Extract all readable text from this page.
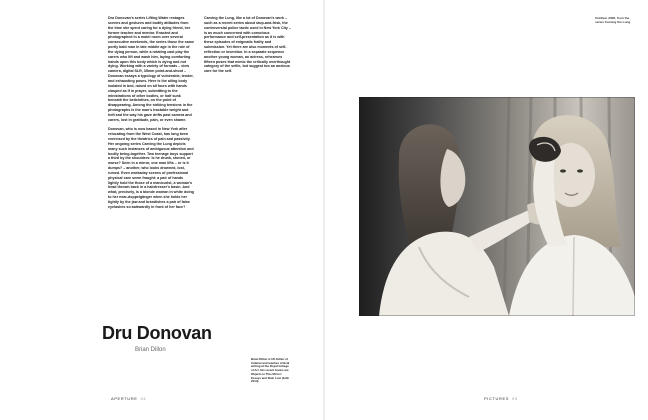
Dru Donovan's series Lifting Water restages scenes and gestures and bodily attitudes from the time she spent caring for a dying friend, her former teacher and mentor. Enacted and photographed in a motel room over several consecutive weekends, the series those the same portly bald man in late middle age in the role of the dying person, while a rotating cast play the carers who lift and wash him, laying comforting hands upon this body which is dying and not dying. Working with a variety of formats – view camera, digital SLR, 35mm point-and-shoot – Donovan essays a typology of vulnerable, tender, and exhausting poses. Here is the ailing body isolated in bed, raised on all fours with hands clasped as if in prayer, submitting to the ministrations of other bodies, or half sunk beneath the bedclothes, on the point of disappearing. Among the striking tensions in the photographs is the man's tractable weight and heft and the way his gaze drifts past camera and carers, lost in gratitude, pain, or even shame.

Donovan, who is now based in New York after relocating from the West Coast, has long been exercised by the theatrics of pain and passivity. Her ongoing series Carving the Lung depicts many such instances of ambiguous attention and bodily being-together. Two teenage boys support a third by the shoulders: Is he drunk, stoned, or worse? Seen in a mirror, one man lifts – or is it dumps? – another, who looks drowned, lost, ruined. Even workaday scenes of professional physical care seem fraught: a pair of hands lightly hold the those of a manicurist, a woman's head thrown back in a hairdresser's basin. And what, precisely, is a blonde woman in white doing to her near-doppelgänger when she holds her tightly by the jaw and brandishes a pair of false eyelashes so awkwardly in front of her face?

Carving the Lung, like a lot of Donovan's work – such as a recent series about stop-and-frisk, the controversial police tactic used in New York City – is as much concerned with conscious performance and self-presentation as it is with these episodes of enigmatic frailty and submission. Yet there are also moments of self-reflection or invention. In a separate sequence another young woman, an actress, rehearses fifteen poses that mimic the critically overthought category of the selfie, but suggest too an anxious care for the self.

Dru Donovan
Brian Dillon
Brian Dillon is UK Editor of Cabinet and teaches critical writing at the Royal College of Art. His recent books are Objects in This Mirror: Essays and Ruin Lust (both 2014).
APERTURE 94
Untitled, 2008, from the series Carving the Lung
PICTURES 95
